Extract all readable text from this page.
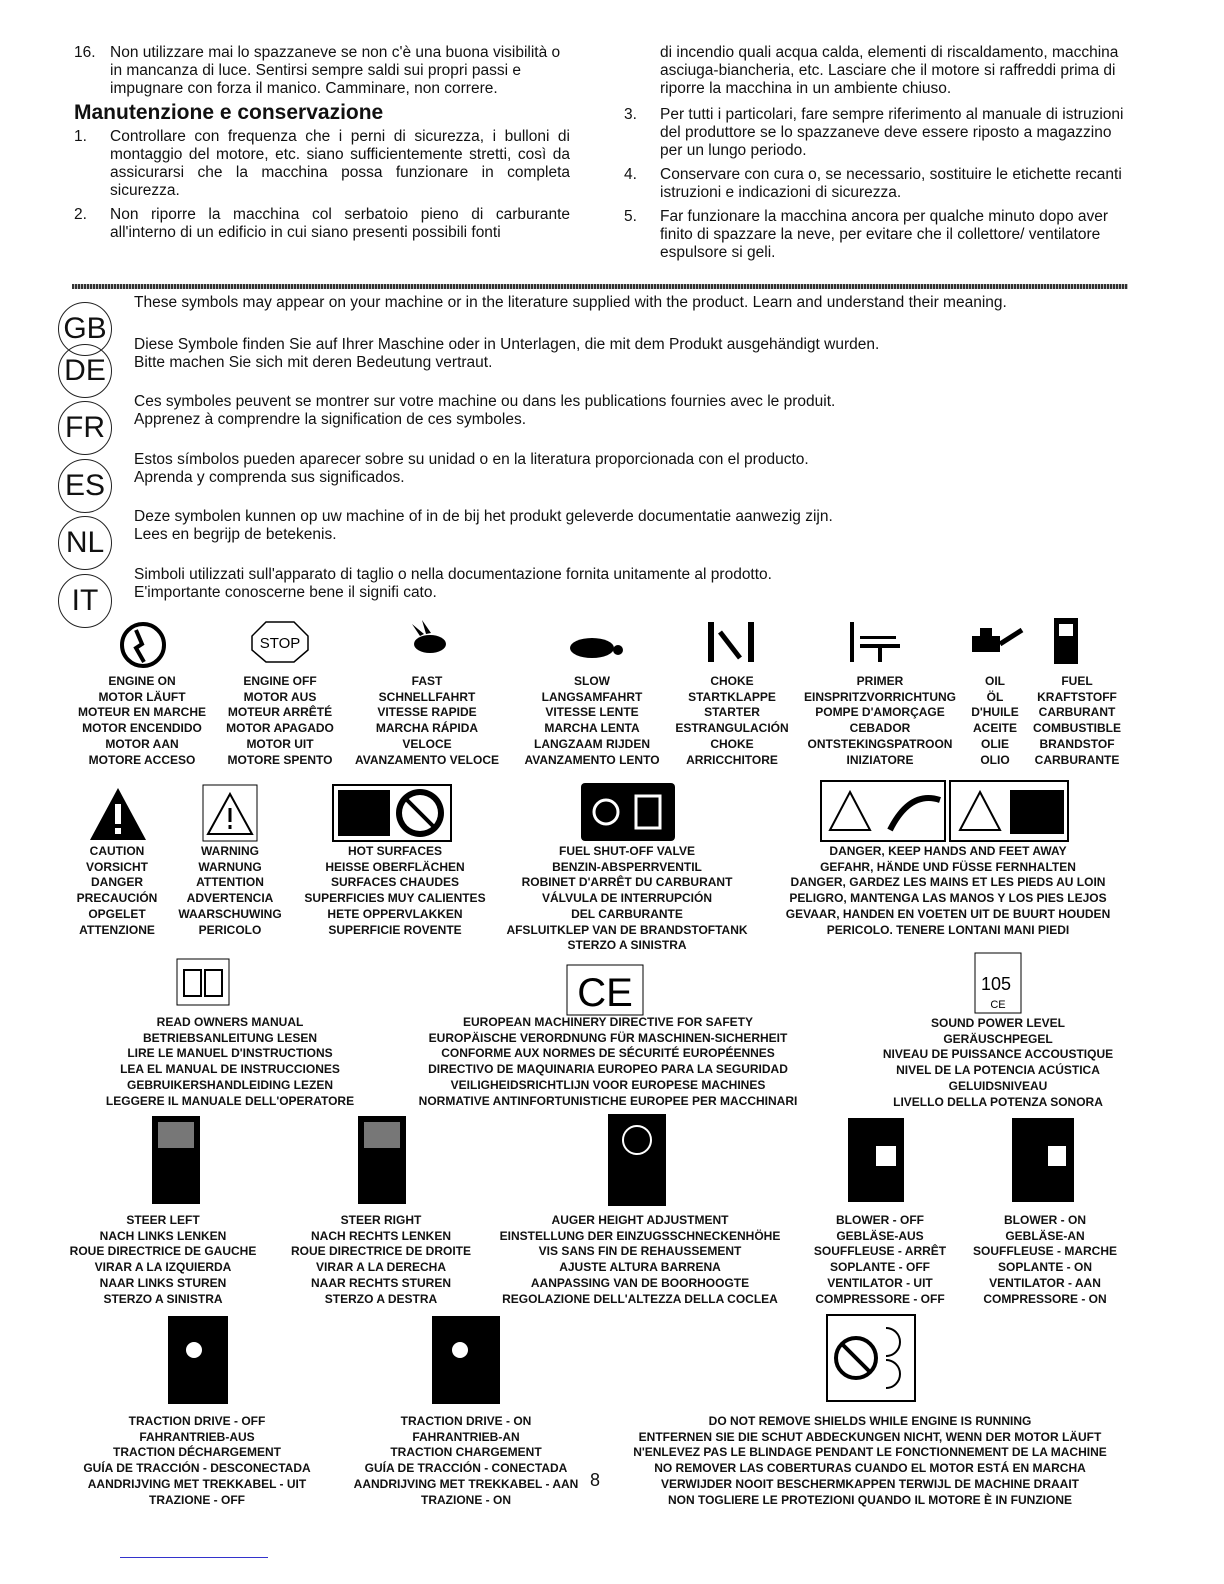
16. Non utilizzare mai lo spazzaneve se non c'è una buona visibilità o in mancanza di luce. Sentirsi sempre saldi sui propri passi e impugnare con forza il manico. Camminare, non correre.

Manutenzione e conservazione
1. Controllare con frequenza che i perni di sicurezza, i bulloni di montaggio del motore, etc. siano sufficientemente stretti, così da assicurarsi che la macchina possa funzionare in completa sicurezza.

2. Non riporre la macchina col serbatoio pieno di carburante all'interno di un edificio in cui siano presenti possibili fonti

di incendio quali acqua calda, elementi di riscaldamento, macchina asciuga-biancheria, etc. Lasciare che il motore si raffreddi prima di riporre la macchina in un ambiente chiuso.

3. Per tutti i particolari, fare sempre riferimento al manuale di istruzioni del produttore se lo spazzaneve deve essere riposto a magazzino per un lungo periodo.

4. Conservare con cura o, se necessario, sostituire le etichette recanti istruzioni e indicazioni di sicurezza.

5. Far funzionare la macchina ancora per qualche minuto dopo aver finito di spazzare la neve, per evitare che il collettore/ ventilatore espulsore si geli.

GB
These symbols may appear on your machine or in the literature supplied with the product. Learn and understand their meaning.
DE
Diese Symbole finden Sie auf Ihrer Maschine oder in Unterlagen, die mit dem Produkt ausgehändigt wurden.
Bitte machen Sie sich mit deren Bedeutung vertraut.
FR
Ces symboles peuvent se montrer sur votre machine ou dans les publications fournies avec le produit.
Apprenez à comprendre la signification de ces symboles.
ES
Estos símbolos pueden aparecer sobre su unidad o en la literatura proporcionada con el producto.
Aprenda y comprenda sus significados.
NL
Deze symbolen kunnen op uw machine of in de bij het produkt geleverde documentatie aanwezig zijn.
Lees en begrijp de betekenis.
IT
Simboli utilizzati sull'apparato di taglio o nella documentazione fornita unitamente al prodotto.
E'importante conoscerne bene il signifi cato.
ENGINE ON
MOTOR LÄUFT
MOTEUR EN MARCHE
MOTOR ENCENDIDO
MOTOR AAN
MOTORE ACCESO
ENGINE OFF
MOTOR AUS
MOTEUR ARRÊTÉ
MOTOR APAGADO
MOTOR UIT
MOTORE SPENTO
FAST
SCHNELLFAHRT
VITESSE RAPIDE
MARCHA RÁPIDA
VELOCE
AVANZAMENTO VELOCE
SLOW
LANGSAMFAHRT
VITESSE LENTE
MARCHA LENTA
LANGZAAM RIJDEN
AVANZAMENTO LENTO
CHOKE
STARTKLAPPE
STARTER
ESTRANGULACIÓN
CHOKE
ARRICCHITORE
PRIMER
EINSPRITZVORRICHTUNG
POMPE D'AMORÇAGE
CEBADOR
ONTSTEKINGSPATROON
INIZIATORE
OIL
ÖL
D'HUILE
ACEITE
OLIE
OLIO
FUEL
KRAFTSTOFF
CARBURANT
COMBUSTIBLE
BRANDSTOF
CARBURANTE
CAUTION
VORSICHT
DANGER
PRECAUCIÓN
OPGELET
ATTENZIONE
WARNING
WARNUNG
ATTENTION
ADVERTENCIA
WAARSCHUWING
PERICOLO
HOT SURFACES
HEISSE OBERFLÄCHEN
SURFACES CHAUDES
SUPERFICIES MUY CALIENTES
HETE OPPERVLAKKEN
SUPERFICIE ROVENTE
FUEL SHUT-OFF VALVE
BENZIN-ABSPERRVENTIL
ROBINET D'ARRÊT DU CARBURANT
VÁLVULA DE INTERRUPCIÓN
DEL CARBURANTE
AFSLUITKLEP VAN DE BRANDSTOFTANK
STERZO A SINISTRA
DANGER, KEEP HANDS AND FEET AWAY
GEFAHR, HÄNDE UND FÜSSE FERNHALTEN
DANGER, GARDEZ LES MAINS ET LES PIEDS AU LOIN
PELIGRO, MANTENGA LAS MANOS Y LOS PIES LEJOS
GEVAAR, HANDEN EN VOETEN UIT DE BUURT HOUDEN
PERICOLO. TENERE LONTANI MANI PIEDI
READ OWNERS MANUAL
BETRIEBSANLEITUNG LESEN
LIRE LE MANUEL D'INSTRUCTIONS
LEA EL MANUAL DE INSTRUCCIONES
GEBRUIKERSHANDLEIDING LEZEN
LEGGERE IL MANUALE DELL'OPERATORE
EUROPEAN MACHINERY DIRECTIVE FOR SAFETY
EUROPÄISCHE VERORDNUNG FÜR MASCHINEN-SICHERHEIT
CONFORME AUX NORMES DE SÉCURITÉ EUROPÉENNES
DIRECTIVO DE MAQUINARIA EUROPEO PARA LA SEGURIDAD
VEILIGHEIDSRICHTLIJN VOOR EUROPESE MACHINES
NORMATIVE ANTINFORTUNISTICHE EUROPEE PER MACCHINARI
SOUND POWER LEVEL
GERÄUSCHPEGEL
NIVEAU DE PUISSANCE ACCOUSTIQUE
NIVEL DE LA POTENCIA ACÚSTICA
GELUIDSNIVEAU
LIVELLO DELLA POTENZA SONORA
STEER LEFT
NACH LINKS LENKEN
ROUE DIRECTRICE DE GAUCHE
VIRAR A LA IZQUIERDA
NAAR LINKS STUREN
STERZO A SINISTRA
STEER RIGHT
NACH RECHTS LENKEN
ROUE DIRECTRICE DE DROITE
VIRAR A LA DERECHA
NAAR RECHTS STUREN
STERZO A DESTRA
AUGER HEIGHT ADJUSTMENT
EINSTELLUNG DER EINZUGSSCHNECKENHÖHE
VIS SANS FIN DE REHAUSSEMENT
AJUSTE ALTURA BARRENA
AANPASSING VAN DE BOORHOOGTE
REGOLAZIONE DELL'ALTEZZA DELLA COCLEA
BLOWER - OFF
GEBLÄSE-AUS
SOUFFLEUSE - ARRÊT
SOPLANTE - OFF
VENTILATOR - UIT
COMPRESSORE - OFF
BLOWER - ON
GEBLÄSE-AN
SOUFFLEUSE - MARCHE
SOPLANTE - ON
VENTILATOR - AAN
COMPRESSORE - ON
TRACTION DRIVE - OFF
FAHRANTRIEB-AUS
TRACTION DÉCHARGEMENT
GUÍA DE TRACCIÓN - DESCONECTADA
AANDRIJVING MET TREKKABEL - UIT
TRAZIONE - OFF
TRACTION DRIVE - ON
FAHRANTRIEB-AN
TRACTION CHARGEMENT
GUÍA DE TRACCIÓN - CONECTADA
AANDRIJVING MET TREKKABEL - AAN
TRAZIONE - ON
DO NOT REMOVE SHIELDS WHILE ENGINE IS RUNNING
ENTFERNEN SIE DIE SCHUT ABDECKUNGEN NICHT, WENN DER MOTOR LÄUFT
N'ENLEVEZ PAS LE BLINDAGE PENDANT LE FONCTIONNEMENT DE LA MACHINE
NO REMOVER LAS COBERTURAS CUANDO EL MOTOR ESTÁ EN MARCHA
VERWIJDER NOOIT BESCHERMKAPPEN TERWIJL DE MACHINE DRAAIT
NON TOGLIERE LE PROTEZIONI QUANDO IL MOTORE È IN FUNZIONE
STOP
CE	105
CE
8
